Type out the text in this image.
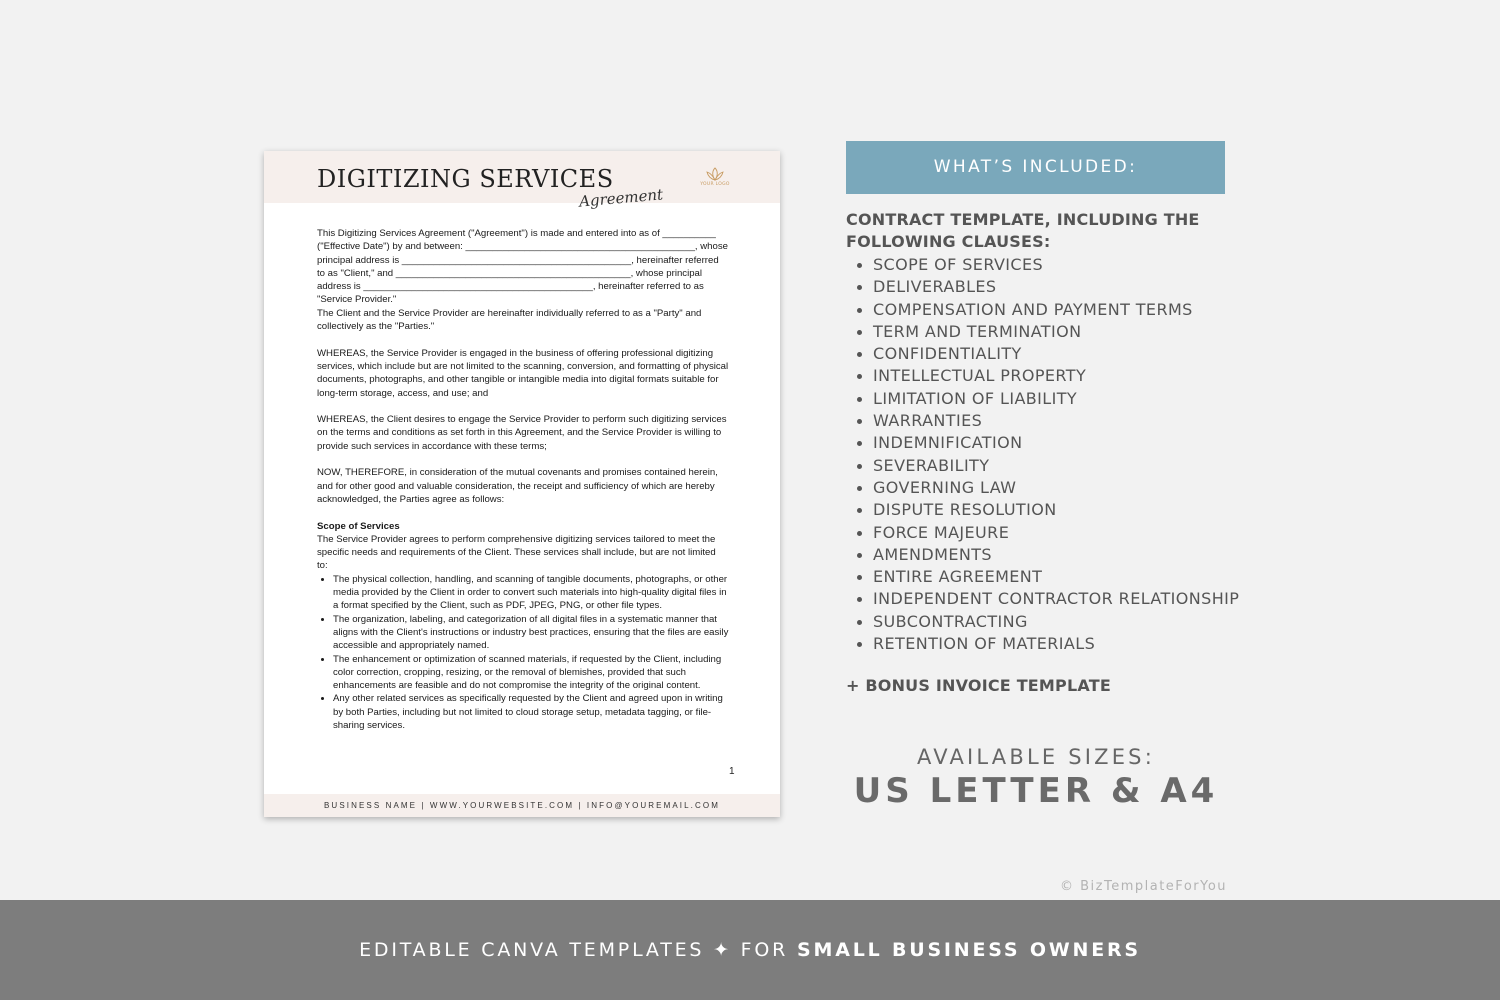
DIGITIZING SERVICES
Agreement
YOUR LOGO

This Digitizing Services Agreement ("Agreement") is made and entered into as of __________ ("Effective Date") by and between: ___________________________________________, whose principal address is ___________________________________________, hereinafter referred to as "Client," and ____________________________________________, whose principal address is ___________________________________________, hereinafter referred to as "Service Provider."

The Client and the Service Provider are hereinafter individually referred to as a "Party" and collectively as the "Parties."

WHEREAS, the Service Provider is engaged in the business of offering professional digitizing services, which include but are not limited to the scanning, conversion, and formatting of physical documents, photographs, and other tangible or intangible media into digital formats suitable for long-term storage, access, and use; and

WHEREAS, the Client desires to engage the Service Provider to perform such digitizing services on the terms and conditions as set forth in this Agreement, and the Service Provider is willing to provide such services in accordance with these terms;

NOW, THEREFORE, in consideration of the mutual covenants and promises contained herein, and for other good and valuable consideration, the receipt and sufficiency of which are hereby acknowledged, the Parties agree as follows:

Scope of Services

The Service Provider agrees to perform comprehensive digitizing services tailored to meet the specific needs and requirements of the Client. These services shall include, but are not limited to:

• The physical collection, handling, and scanning of tangible documents, photographs, or other media provided by the Client in order to convert such materials into high-quality digital files in a format specified by the Client, such as PDF, JPEG, PNG, or other file types.
• The organization, labeling, and categorization of all digital files in a systematic manner that aligns with the Client's instructions or industry best practices, ensuring that the files are easily accessible and appropriately named.
• The enhancement or optimization of scanned materials, if requested by the Client, including color correction, cropping, resizing, or the removal of blemishes, provided that such enhancements are feasible and do not compromise the integrity of the original content.
• Any other related services as specifically requested by the Client and agreed upon in writing by both Parties, including but not limited to cloud storage setup, metadata tagging, or file-sharing services.
1
BUSINESS NAME | WWW.YOURWEBSITE.COM | INFO@YOUREMAIL.COM
WHAT’S INCLUDED:
CONTRACT TEMPLATE, INCLUDING THE FOLLOWING CLAUSES:
SCOPE OF SERVICES
DELIVERABLES
COMPENSATION AND PAYMENT TERMS
TERM AND TERMINATION
CONFIDENTIALITY
INTELLECTUAL PROPERTY
LIMITATION OF LIABILITY
WARRANTIES
INDEMNIFICATION
SEVERABILITY
GOVERNING LAW
DISPUTE RESOLUTION
FORCE MAJEURE
AMENDMENTS
ENTIRE AGREEMENT
INDEPENDENT CONTRACTOR RELATIONSHIP
SUBCONTRACTING
RETENTION OF MATERIALS
+ BONUS INVOICE TEMPLATE
AVAILABLE SIZES:
US LETTER & A4
© BizTemplateForYou
EDITABLE CANVA TEMPLATES ✦ FOR SMALL BUSINESS OWNERS
